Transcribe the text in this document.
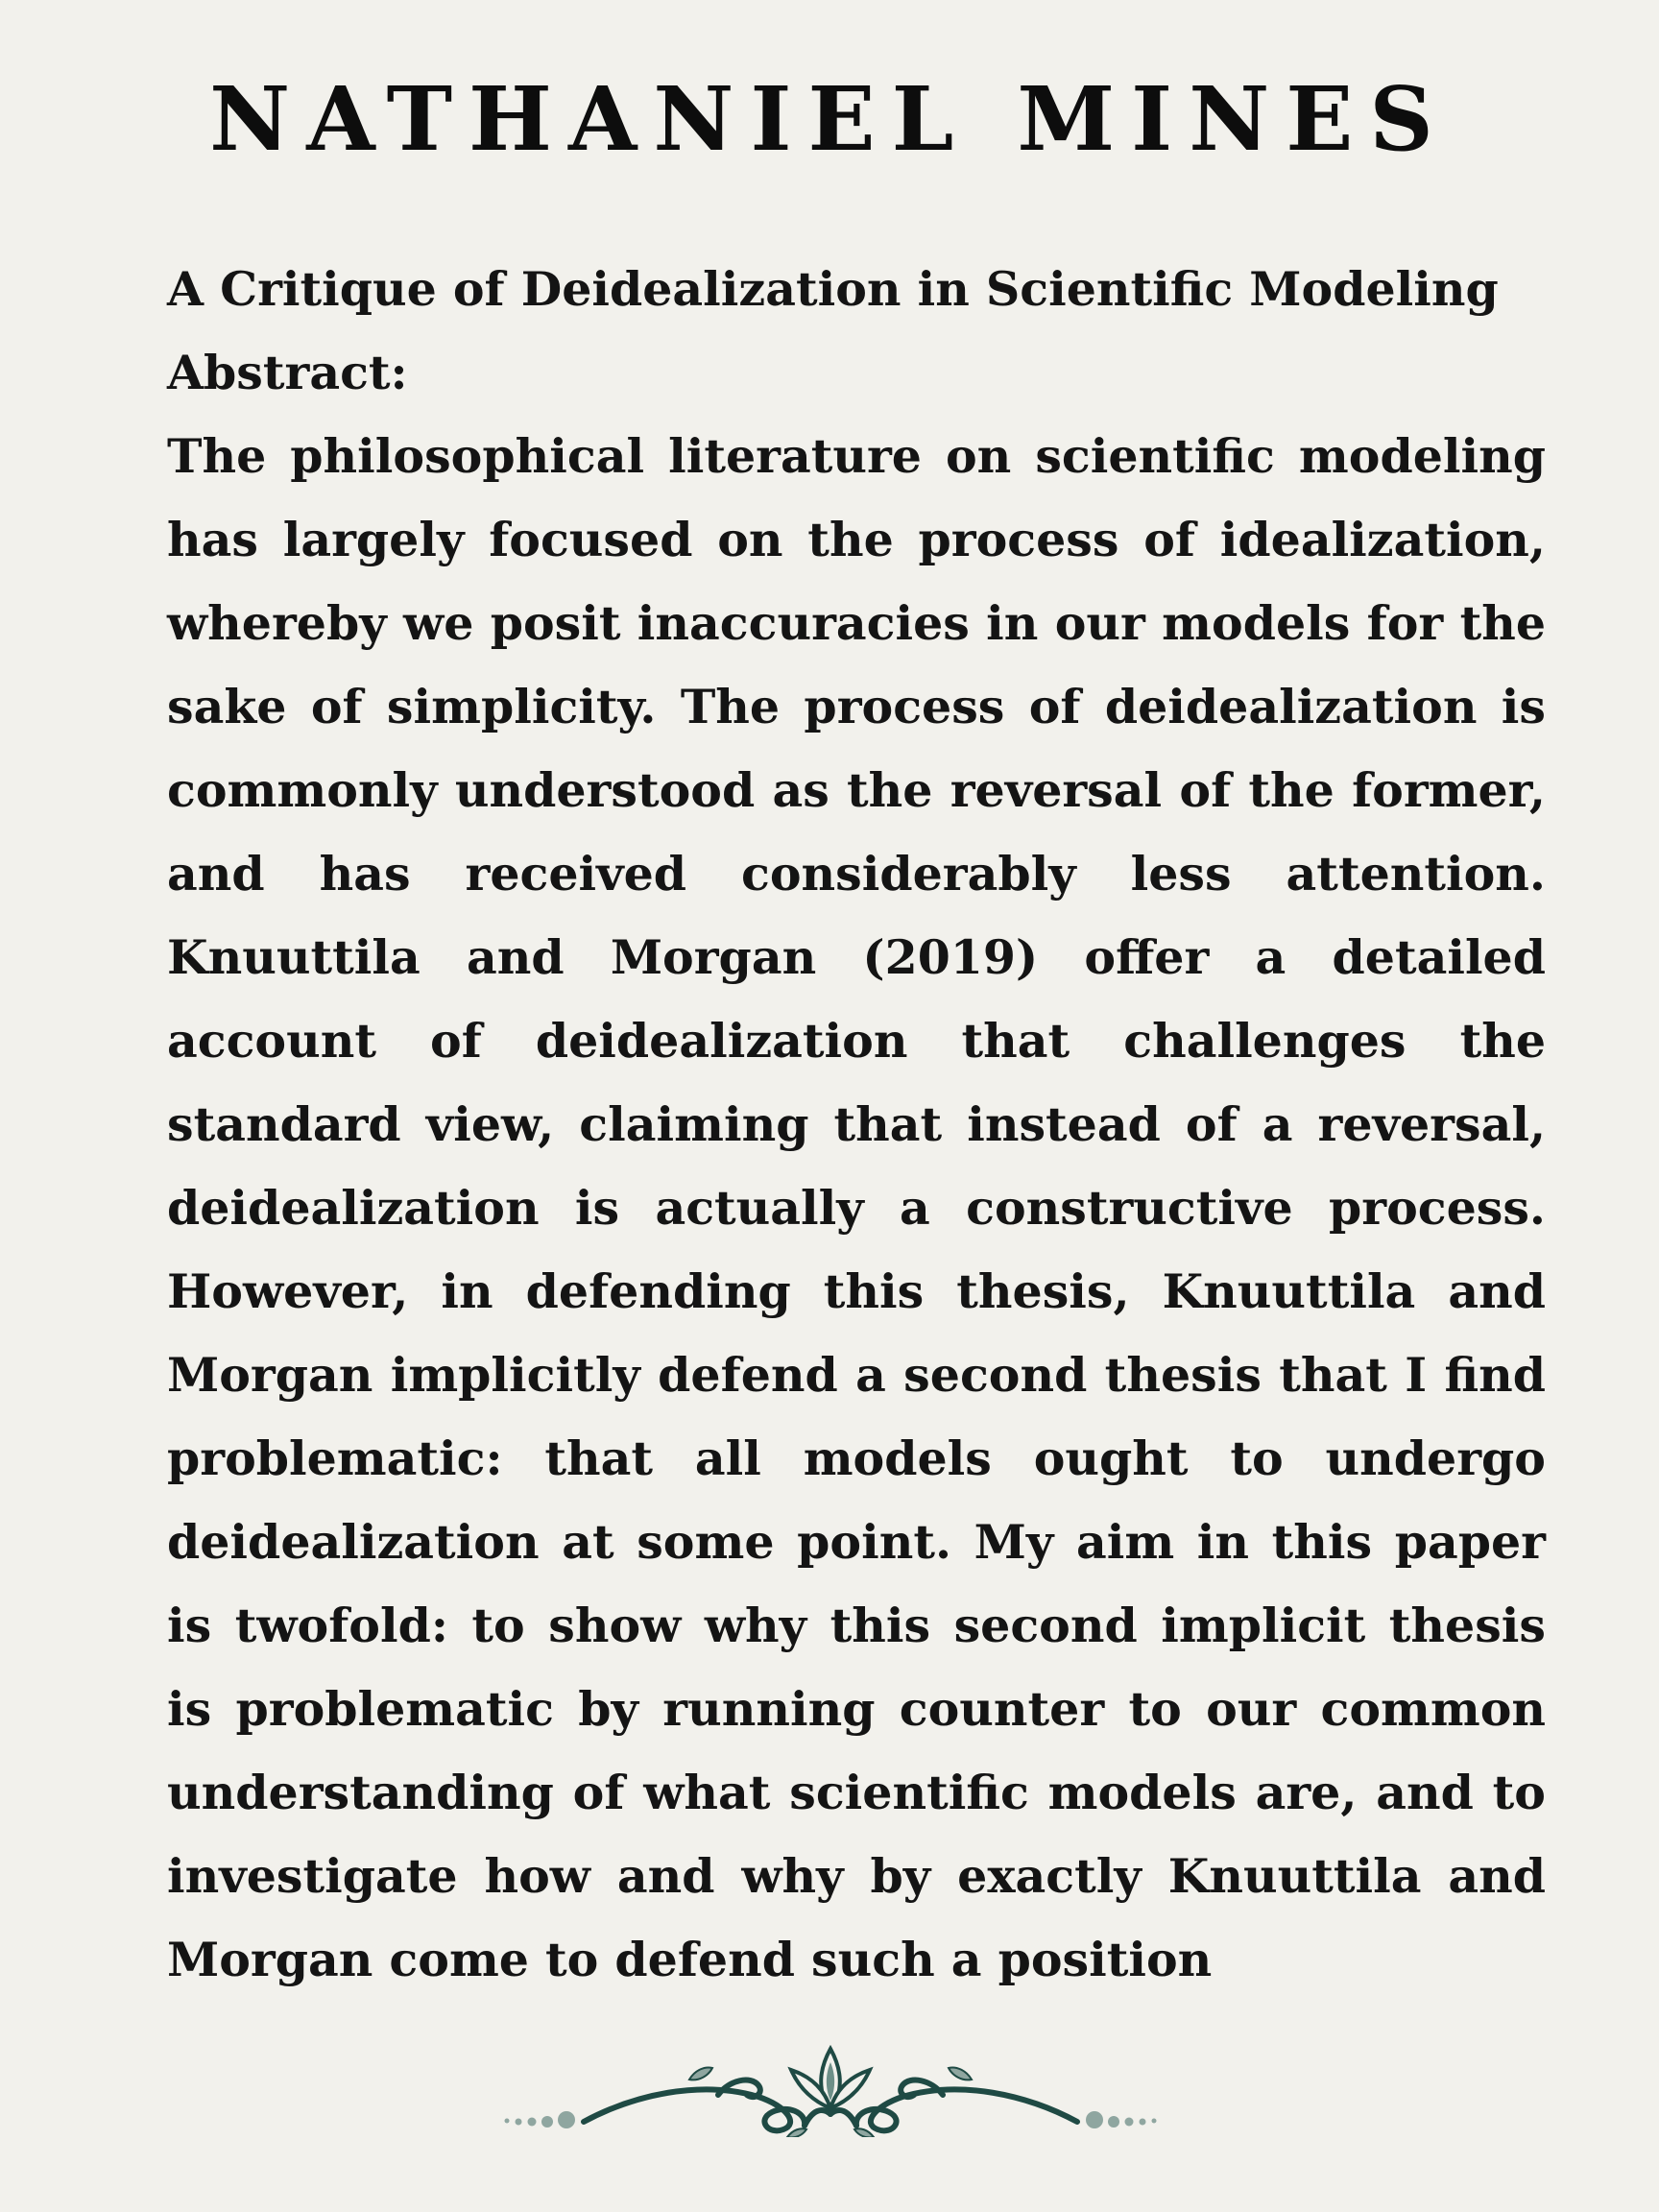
NATHANIEL MINES

A Critique of Deidealization in Scientific Modeling

Abstract:

The philosophical literature on scientific modeling has largely focused on the process of idealization, whereby we posit inaccuracies in our models for the sake of simplicity. The process of deidealization is commonly understood as the reversal of the former, and has received considerably less attention. Knuuttila and Morgan (2019) offer a detailed account of deidealization that challenges the standard view, claiming that instead of a reversal, deidealization is actually a constructive process. However, in defending this thesis, Knuuttila and Morgan implicitly defend a second thesis that I find problematic: that all models ought to undergo deidealization at some point. My aim in this paper is twofold: to show why this second implicit thesis is problematic by running counter to our common understanding of what scientific models are, and to investigate how and why by exactly Knuuttila and Morgan come to defend such a position
